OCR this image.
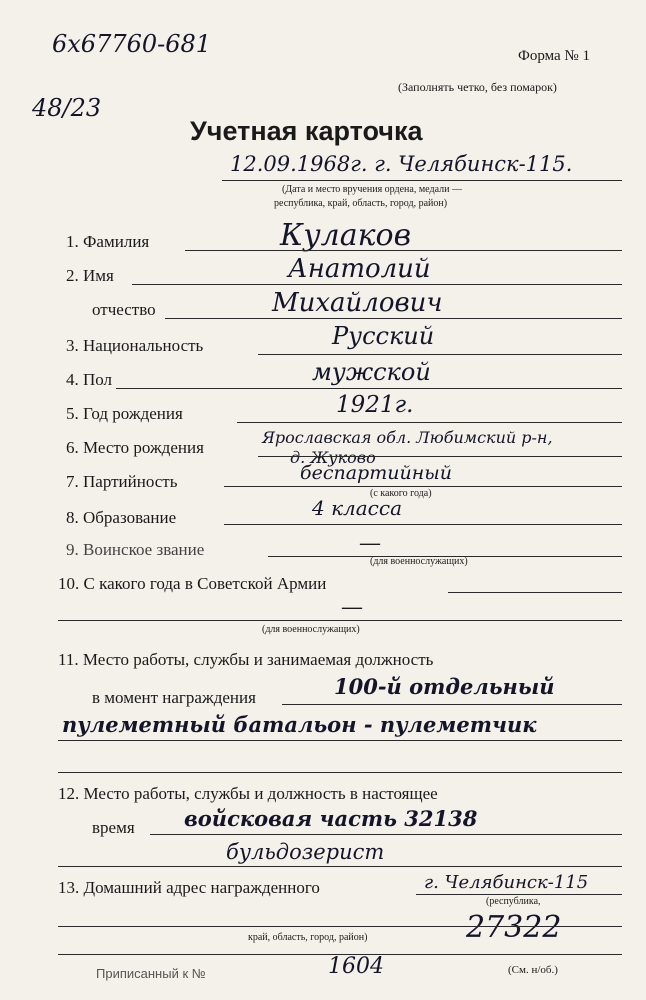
6x67760-681
48/23
Форма № 1
(Заполнять четко, без помарок)
Учетная карточка
12.09.1968г. г. Челябинск-115.
(Дата и место вручения ордена, медали —
республика, край, область, город, район)
1. Фамилия	Кулаков
2. Имя	Анатолий
отчество	Михайлович
3. Национальность	Русский
4. Пол	мужской
5. Год рождения	1921г.
6. Место рождения
Ярославская обл. Любимский р-н,
д. Жуково
7. Партийность	беспартийный
(с какого года)
8. Образование	4 класса
9. Воинское звание	—
(для военнослужащих)
10. С какого года в Советской Армии
—
(для военнослужащих)
11. Место работы, службы и занимаемая должность
в момент награждения	100-й отдельный
пулеметный батальон - пулеметчик
12. Место работы, службы и должность в настоящее
время войсковая часть 32138
бульдозерист
13. Домашний адрес награжденного	г. Челябинск-115
(республика,
27322
край, область, город, район)
Приписанный к №	1604	(См. н/об.)
